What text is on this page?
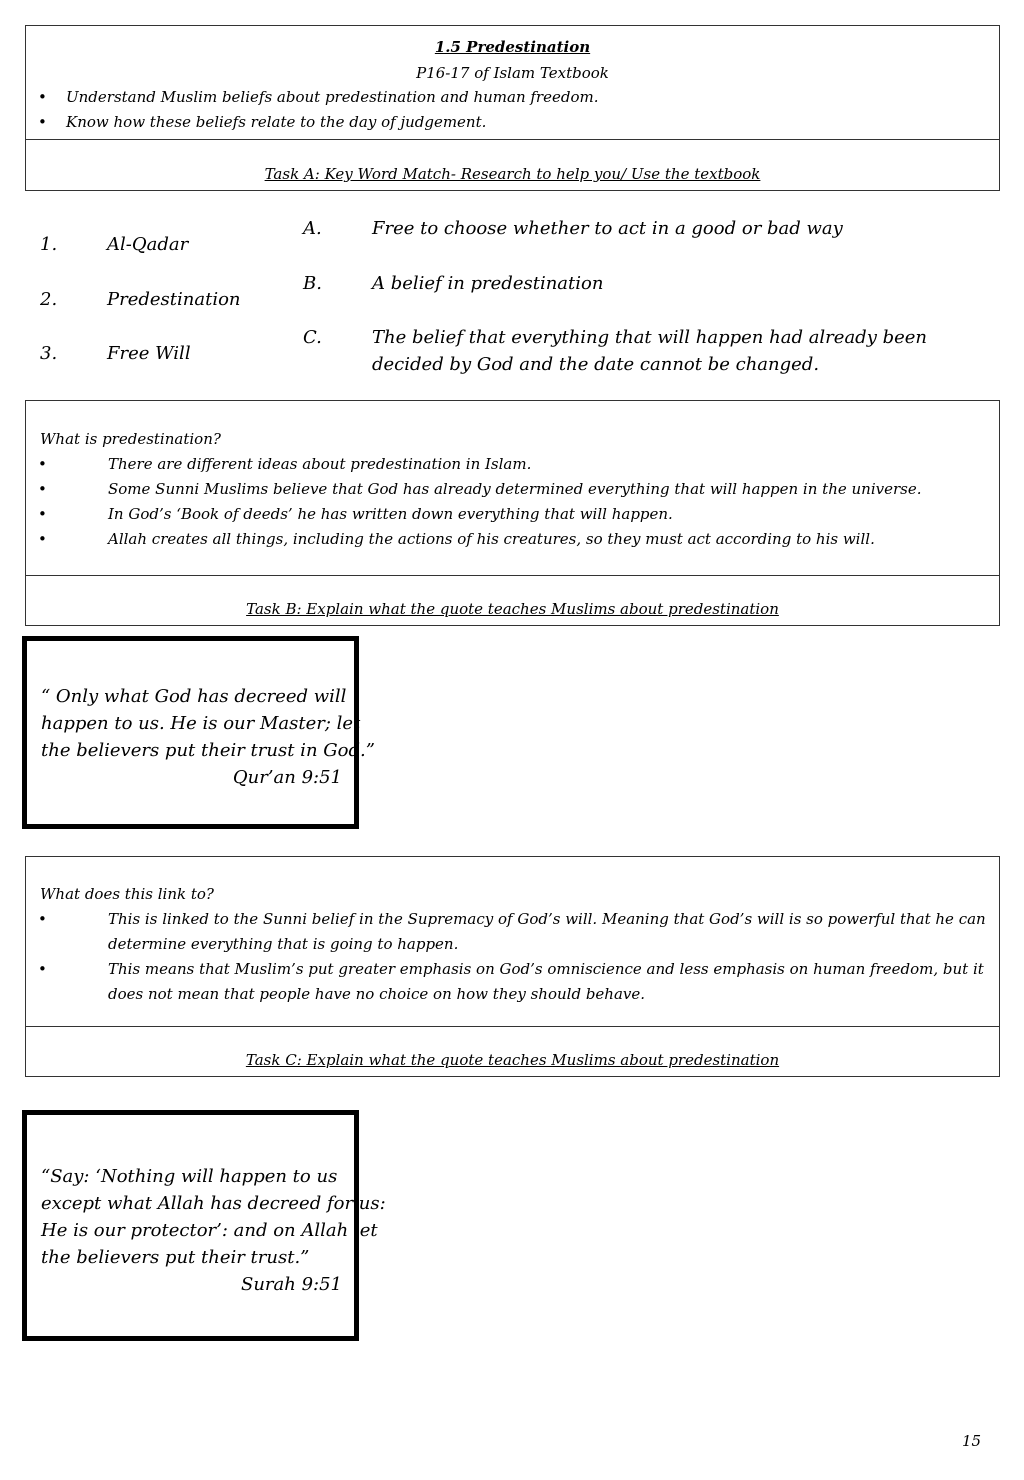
1.5 Predestination
P16-17 of Islam Textbook
• Understand Muslim beliefs about predestination and human freedom.
• Know how these beliefs relate to the day of judgement.
Task A: Key Word Match- Research to help you/ Use the textbook
1.	Al-Qadar
2.	Predestination
3.	Free Will
A.	Free to choose whether to act in a good or bad way
B.	A belief in predestination
C.	The belief that everything that will happen had already been decided by God and the date cannot be changed.
What is predestination?
•	There are different ideas about predestination in Islam.
•	Some Sunni Muslims believe that God has already determined everything that will happen in the universe.
•	In God’s ‘Book of deeds’ he has written down everything that will happen.
•	Allah creates all things, including the actions of his creatures, so they must act according to his will.
Task B: Explain what the quote teaches Muslims about predestination
“ Only what God has decreed will
happen to us. He is our Master; let
the believers put their trust in God.”
Qur’an 9:51
What does this link to?
•	This is linked to the Sunni belief in the Supremacy of God’s will. Meaning that God’s will is so powerful that he can determine everything that is going to happen.
•	This means that Muslim’s put greater emphasis on God’s omniscience and less emphasis on human freedom, but it does not mean that people have no choice on how they should behave.
Task C: Explain what the quote teaches Muslims about predestination
“Say: ‘Nothing will happen to us
except what Allah has decreed for us:
He is our protector’: and on Allah let
the believers put their trust.”
Surah 9:51
15
